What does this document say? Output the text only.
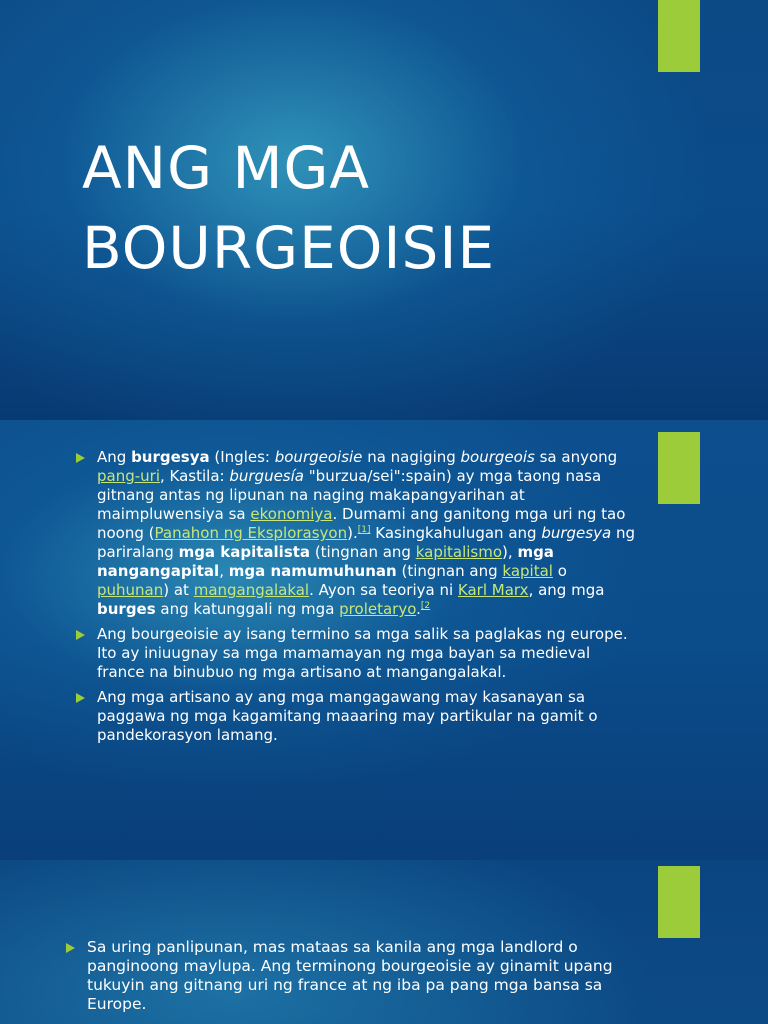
ANG MGA
BOURGEOISIE
Ang burgesya (Ingles: bourgeoisie na nagiging bourgeois sa anyong pang-uri, Kastila: burguesía "burzua/sei":spain) ay mga taong nasa gitnang antas ng lipunan na naging makapangyarihan at maimpluwensiya sa ekonomiya. Dumami ang ganitong mga uri ng tao noong (Panahon ng Eksplorasyon).[1] Kasingkahulugan ang burgesya ng pariralang mga kapitalista (tingnan ang kapitalismo), mga nangangapital, mga namumuhunan (tingnan ang kapital o puhunan) at mangangalakal. Ayon sa teoriya ni Karl Marx, ang mga burges ang katunggali ng mga proletaryo.$^{[2}$
Ang bourgeoisie ay isang termino sa mga salik sa paglakas ng europe. Ito ay iniuugnay sa mga mamamayan ng mga bayan sa medieval france na binubuo ng mga artisano at mangangalakal.
Ang mga artisano ay ang mga mangagawang may kasanayan sa paggawa ng mga kagamitang maaaring may partikular na gamit o pandekorasyon lamang.
Sa uring panlipunan, mas mataas sa kanila ang mga landlord o panginoong maylupa. Ang terminong bourgeoisie ay ginamit upang tukuyin ang gitnang uri ng france at ng iba pa pang mga bansa sa Europe.
